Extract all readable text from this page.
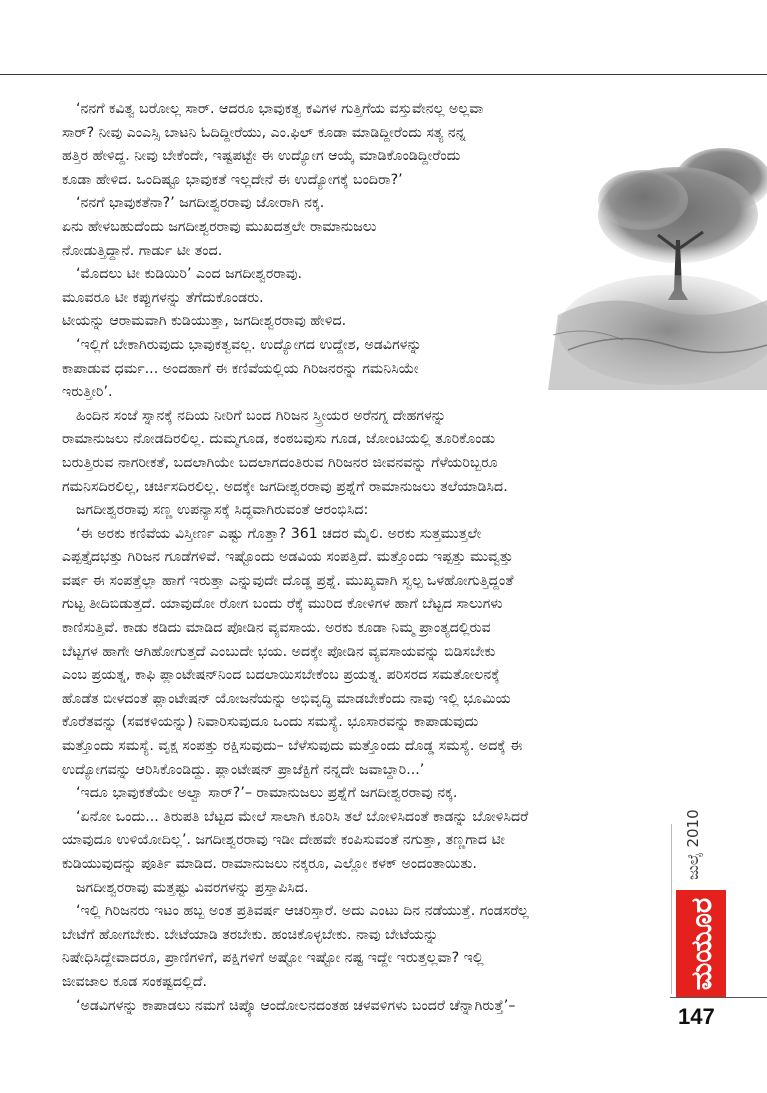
‘ನನಗೆ ಕವಿತ್ವ ಬರೋಲ್ಲ ಸಾರ್. ಆದರೂ ಭಾವುಕತ್ವ ಕವಿಗಳ ಗುತ್ತಿಗೆಯ ವಸ್ತುವೇನಲ್ಲ ಅಲ್ಲವಾ

ಸಾರ್? ನೀವು ಎಂಎಸ್ಸಿ ಬಾಟನಿ ಓದಿದ್ದೀರೆಯು, ಎಂ.ಫಿಲ್ ಕೂಡಾ ಮಾಡಿದ್ದೀರೆಂದು ಸತ್ಯ ನನ್ನ

ಹತ್ತಿರ ಹೇಳಿದ್ದ. ನೀವು ಬೇಕೆಂದೇ, ಇಷ್ಟಪಟ್ಟೇ ಈ ಉದ್ಯೋಗ ಆಯ್ಕೆ ಮಾಡಿಕೊಂಡಿದ್ದೀರೆಂದು

ಕೂಡಾ ಹೇಳಿದ. ಒಂದಿಷ್ಟೂ ಭಾವುಕತೆ ಇಲ್ಲದೇನೆ ಈ ಉದ್ಯೋಗಕ್ಕೆ ಬಂದಿರಾ?’

‘ನನಗೆ ಭಾವುಕತೆನಾ?’ ಜಗದೀಶ್ವರರಾವು ಜೋರಾಗಿ ನಕ್ಕ.

ಏನು ಹೇಳಬಹುದೆಂದು ಜಗದೀಶ್ವರರಾವು ಮುಖದತ್ತಲೇ ರಾಮಾನುಜಲು

ನೋಡುತ್ತಿದ್ದಾನೆ. ಗಾರ್ಡು ಟೀ ತಂದ.

‘ಮೊದಲು ಟೀ ಕುಡಿಯಿರಿ’ ಎಂದ ಜಗದೀಶ್ವರರಾವು.

ಮೂವರೂ ಟೀ ಕಪ್ಪುಗಳನ್ನು ತೆಗೆದುಕೊಂಡರು.

ಟೀಯನ್ನು ಆರಾಮವಾಗಿ ಕುಡಿಯುತ್ತಾ, ಜಗದೀಶ್ವರರಾವು ಹೇಳಿದ.

‘ಇಲ್ಲಿಗೆ ಬೇಕಾಗಿರುವುದು ಭಾವುಕತ್ವವಲ್ಲ. ಉದ್ಯೋಗದ ಉದ್ದೇಶ, ಅಡವಿಗಳನ್ನು

ಕಾಪಾಡುವ ಧರ್ಮ... ಅಂದಹಾಗೆ ಈ ಕಣಿವೆಯಲ್ಲಿಯ ಗಿರಿಜನರನ್ನು ಗಮನಿಸಿಯೇ

ಇರುತ್ತೀರಿ’.

ಹಿಂದಿನ ಸಂಜೆ ಸ್ನಾನಕ್ಕೆ ನದಿಯ ನೀರಿಗೆ ಬಂದ ಗಿರಿಜನ ಸ್ತ್ರೀಯರ ಅರೆನಗ್ನ ದೇಹಗಳನ್ನು

ರಾಮಾನುಜಲು ನೋಡದಿರಲಿಲ್ಲ. ದುಮ್ಮಗೂಡ, ಕಂಠಬವುಸು ಗೂಡ, ಜೋಂಟಿಯಲ್ಲಿ ತೂರಿಕೊಂಡು

ಬರುತ್ತಿರುವ ನಾಗರೀಕತೆ, ಬದಲಾಗಿಯೇ ಬದಲಾಗದಂತಿರುವ ಗಿರಿಜನರ ಜೀವನವನ್ನು ಗೆಳೆಯರಿಬ್ಬರೂ

ಗಮನಿಸದಿರಲಿಲ್ಲ, ಚರ್ಚಿಸದಿರಲಿಲ್ಲ. ಅದಕ್ಕೇ ಜಗದೀಶ್ವರರಾವು ಪ್ರಶ್ನೆಗೆ ರಾಮಾನುಜಲು ತಲೆಯಾಡಿಸಿದ.

ಜಗದೀಶ್ವರರಾವು ಸಣ್ಣ ಉಪನ್ಯಾಸಕ್ಕೆ ಸಿದ್ಧವಾಗಿರುವಂತೆ ಆರಂಭಿಸಿದ:

‘ಈ ಅರಕು ಕಣಿವೆಯ ವಿಸ್ತೀರ್ಣ ಎಷ್ಟು ಗೊತ್ತಾ? 361 ಚದರ ಮೈಲಿ. ಅರಕು ಸುತ್ತಮುತ್ತಲೇ

ಎಪ್ಪತ್ತೈದಭತ್ತು ಗಿರಿಜನ ಗೂಡೆಗಳಿವೆ. ಇಷ್ಟೊಂದು ಅಡವಿಯ ಸಂಪತ್ತಿದೆ. ಮತ್ತೊಂದು ಇಪ್ಪತ್ತು ಮುವ್ವತ್ತು

ವರ್ಷ ಈ ಸಂಪತ್ತೆಲ್ಲಾ ಹಾಗೆ ಇರುತ್ತಾ ಎನ್ನುವುದೇ ದೊಡ್ಡ ಪ್ರಶ್ನೆ. ಮುಖ್ಯವಾಗಿ ಸ್ವಲ್ಪ ಒಳಹೋಗುತ್ತಿದ್ದಂತೆ

ಗುಟ್ಟ ತೀದಿಬಿಡುತ್ತದೆ. ಯಾವುದೋ ರೋಗ ಬಂದು ರೆಕ್ಕೆ ಮುರಿದ ಕೋಳಿಗಳ ಹಾಗೆ ಬೆಟ್ಟದ ಸಾಲುಗಳು

ಕಾಣಿಸುತ್ತಿವೆ. ಕಾಡು ಕಡಿದು ಮಾಡಿದ ಪೋಡಿನ ವ್ಯವಸಾಯ. ಅರಕು ಕೂಡಾ ನಿಮ್ಮ ಪ್ರಾಂತ್ಯದಲ್ಲಿರುವ

ಬೆಟ್ಟಗಳ ಹಾಗೇ ಆಗಿಹೋಗುತ್ತದೆ ಎಂಬುದೇ ಭಯ. ಅದಕ್ಕೇ ಪೋಡಿನ ವ್ಯವಸಾಯವನ್ನು ಬಿಡಿಸಬೇಕು

ಎಂಬ ಪ್ರಯತ್ನ, ಕಾಫಿ ಪ್ಲಾಂಟೇಷನ್‌ನಿಂದ ಬದಲಾಯಿಸಬೇಕೆಂಬ ಪ್ರಯತ್ನ. ಪರಿಸರದ ಸಮತೋಲನಕ್ಕೆ

ಹೊಡೆತ ಬೀಳದಂತೆ ಪ್ಲಾಂಟೇಷನ್ ಯೋಜನೆಯನ್ನು ಅಭಿವೃದ್ಧಿ ಮಾಡಬೇಕೆಂದು ನಾವು ಇಲ್ಲಿ ಭೂಮಿಯ

ಕೊರೆತವನ್ನು (ಸವಕಳಿಯನ್ನು) ನಿವಾರಿಸುವುದೂ ಒಂದು ಸಮಸ್ಯೆ. ಭೂಸಾರವನ್ನು ಕಾಪಾಡುವುದು

ಮತ್ತೊಂದು ಸಮಸ್ಯೆ. ವೃಕ್ಷ ಸಂಪತ್ತು ರಕ್ಷಿಸುವುದು– ಬೆಳೆಸುವುದು ಮತ್ತೊಂದು ದೊಡ್ಡ ಸಮಸ್ಯೆ. ಅದಕ್ಕೆ ಈ

ಉದ್ಯೋಗವನ್ನು ಆರಿಸಿಕೊಂಡಿದ್ದು. ಪ್ಲಾಂಟೇಷನ್ ಪ್ರಾಜೆಕ್ಟಿಗೆ ನನ್ನದೇ ಜವಾಬ್ದಾರಿ...’

‘ಇದೂ ಭಾವುಕತೆಯೇ ಅಲ್ವಾ ಸಾರ್?’– ರಾಮಾನುಜಲು ಪ್ರಶ್ನೆಗೆ ಜಗದೀಶ್ವರರಾವು ನಕ್ಕ.

‘ಏನೋ ಒಂದು... ತಿರುಪತಿ ಬೆಟ್ಟದ ಮೇಲೆ ಸಾಲಾಗಿ ಕೂರಿಸಿ ತಲೆ ಬೋಳಿಸಿದಂತೆ ಕಾಡನ್ನು ಬೋಳಿಸಿದರೆ

ಯಾವುದೂ ಉಳಿಯೋದಿಲ್ಲ’. ಜಗದೀಶ್ವರರಾವು ಇಡೀ ದೇಹವೇ ಕಂಪಿಸುವಂತೆ ನಗುತ್ತಾ, ತಣ್ಣಗಾದ ಟೀ

ಕುಡಿಯುವುದನ್ನು ಪೂರ್ತಿ ಮಾಡಿದ. ರಾಮಾನುಜಲು ನಕ್ಕರೂ, ಎಲ್ಲೋ ಕಳಕ್ ಅಂದಂತಾಯಿತು.

ಜಗದೀಶ್ವರರಾವು ಮತ್ತಷ್ಟು ವಿವರಗಳನ್ನು ಪ್ರಸ್ತಾಪಿಸಿದ.

‘ಇಲ್ಲಿ ಗಿರಿಜನರು ಇಟಂ ಹಬ್ಬ ಅಂತ ಪ್ರತಿವರ್ಷ ಆಚರಿಸ್ತಾರೆ. ಅದು ಎಂಟು ದಿನ ನಡೆಯುತ್ತೆ. ಗಂಡಸರೆಲ್ಲ

ಬೇಟೆಗೆ ಹೋಗಬೇಕು. ಬೇಟೆಯಾಡಿ ತರಬೇಕು. ಹಂಚಿಕೊಳ್ಳಬೇಕು. ನಾವು ಬೇಟೆಯನ್ನು

ನಿಷೇಧಿಸಿದ್ದೇವಾದರೂ, ಪ್ರಾಣಿಗಳಿಗೆ, ಪಕ್ಷಿಗಳಿಗೆ ಅಷ್ಟೋ ಇಷ್ಟೋ ನಷ್ಟ ಇದ್ದೇ ಇರುತ್ತಲ್ಲವಾ? ಇಲ್ಲಿ

ಜೀವಜಾಲ ಕೂಡ ಸಂಕಷ್ಟದಲ್ಲಿದೆ.

‘ಅಡವಿಗಳನ್ನು ಕಾಪಾಡಲು ನಮಗೆ ಚಿಪ್ಕೊ ಆಂದೋಲನದಂತಹ ಚಳವಳಿಗಳು ಬಂದರೆ ಚೆನ್ನಾಗಿರುತ್ತೆ’–

ಜುಲೈ 2010
ಮಯೂರ
147
